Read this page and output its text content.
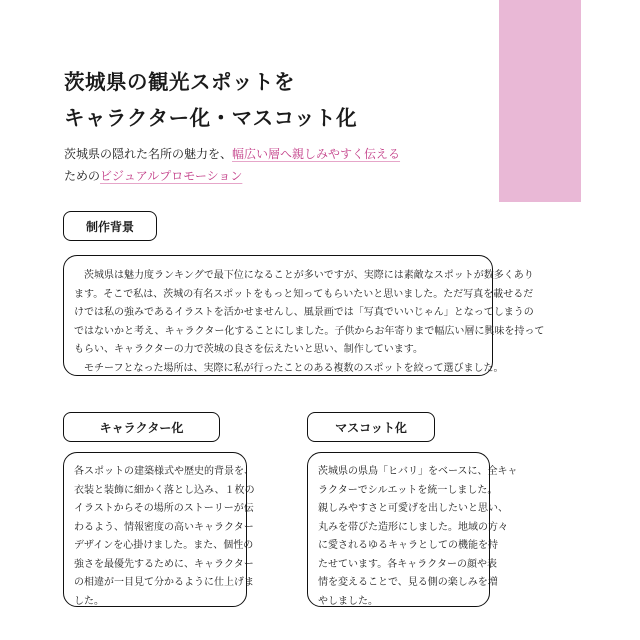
茨城県の観光スポットを
キャラクター化・マスコット化
茨城県の隠れた名所の魅力を、幅広い層へ親しみやすく伝える
ためのビジュアルプロモーション
制作背景

　茨城県は魅力度ランキングで最下位になることが多いですが、実際には素敵なスポットが数多くあり
ます。そこで私は、茨城の有名スポットをもっと知ってもらいたいと思いました。ただ写真を載せるだ
けでは私の強みであるイラストを活かせませんし、風景画では「写真でいいじゃん」となってしまうの
ではないかと考え、キャラクター化することにしました。子供からお年寄りまで幅広い層に興味を持って
もらい、キャラクターの力で茨城の良さを伝えたいと思い、制作しています。
　モチーフとなった場所は、実際に私が行ったことのある複数のスポットを絞って選びました。

キャラクター化
各スポットの建築様式や歴史的背景を、
衣装と装飾に細かく落とし込み、１枚の
イラストからその場所のストーリーが伝
わるよう、情報密度の高いキャラクター
デザインを心掛けました。また、個性の
強さを最優先するために、キャラクター
の相違が一目見て分かるように仕上げま
した。
マスコット化
茨城県の県鳥「ヒバリ」をベースに、全キャ
ラクターでシルエットを統一しました。
親しみやすさと可愛げを出したいと思い、
丸みを帯びた造形にしました。地域の方々
に愛されるゆるキャラとしての機能を持
たせています。各キャラクターの顔や表
情を変えることで、見る側の楽しみを増
やしました。
